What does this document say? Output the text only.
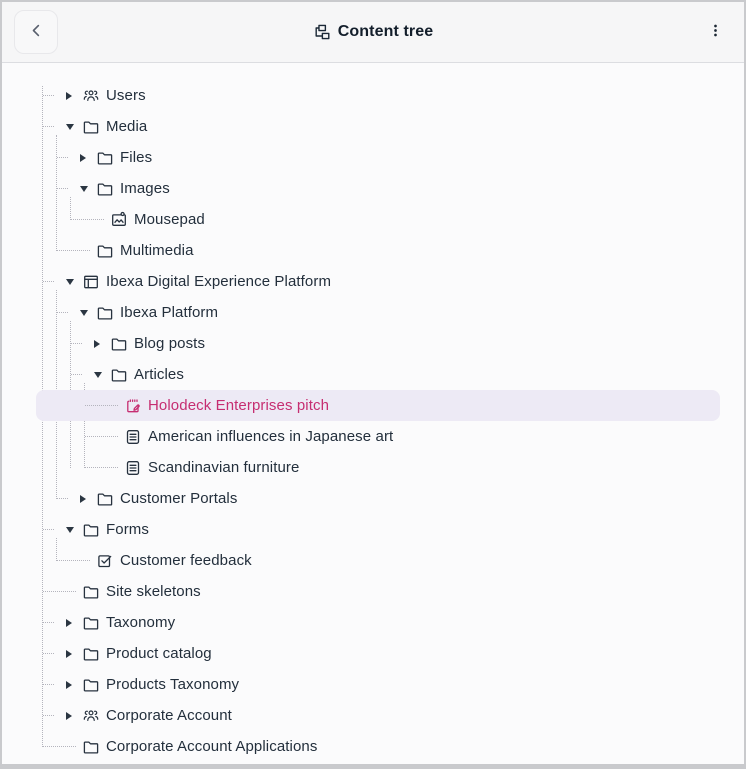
Content tree
Users
Media
Files
Images
Mousepad
Multimedia
Ibexa Digital Experience Platform
Ibexa Platform
Blog posts
Articles
Holodeck Enterprises pitch
American influences in Japanese art
Scandinavian furniture
Customer Portals
Forms
Customer feedback
Site skeletons
Taxonomy
Product catalog
Products Taxonomy
Corporate Account
Corporate Account Applications
